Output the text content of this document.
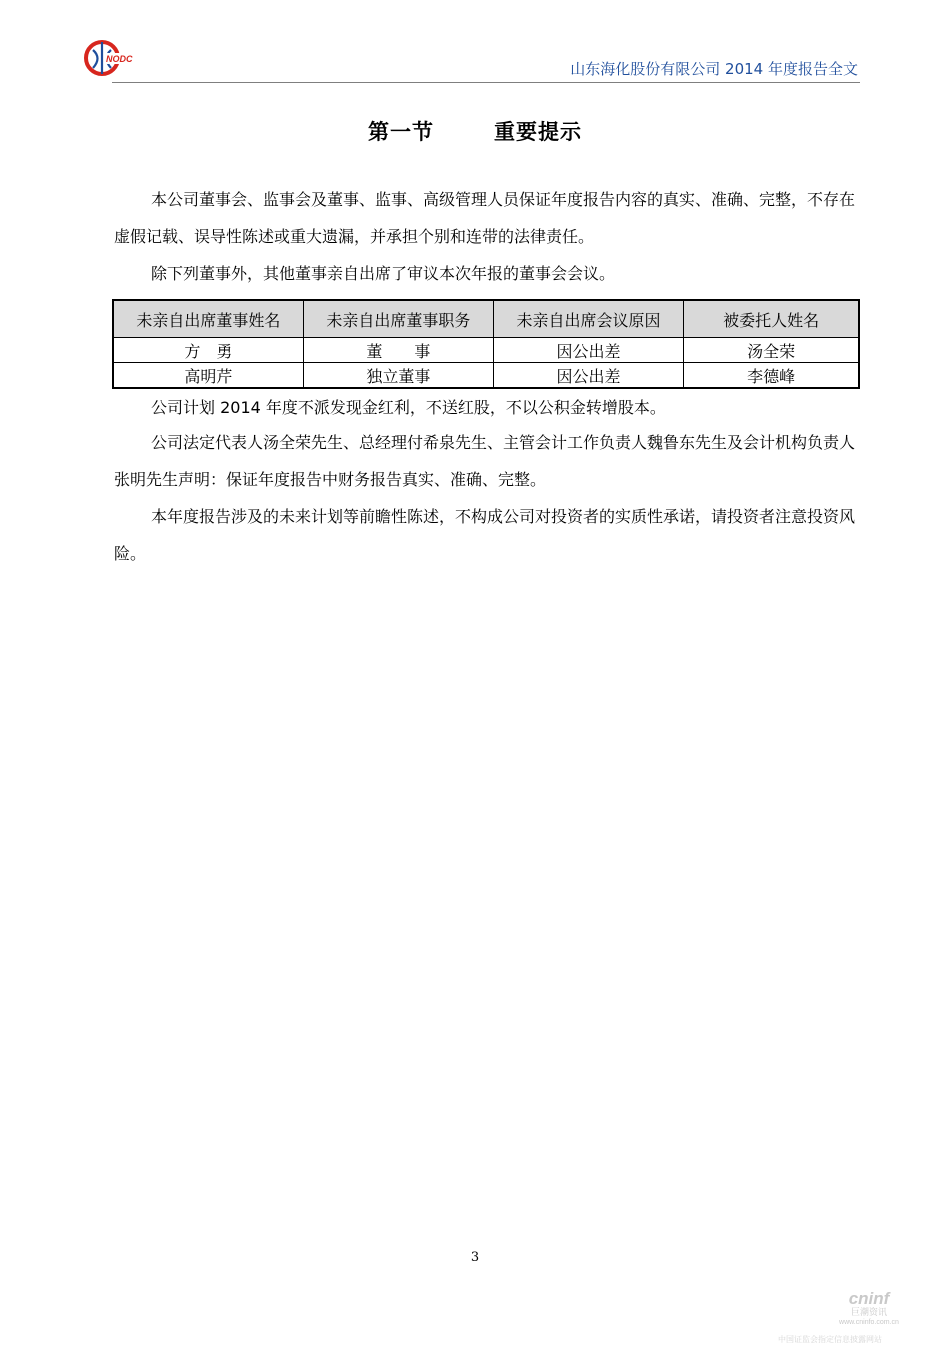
NODC
山东海化股份有限公司 2014 年度报告全文
第一节	重要提示

本公司董事会、监事会及董事、监事、高级管理人员保证年度报告内容的真实、准确、完整，不存在虚假记载、误导性陈述或重大遗漏，并承担个别和连带的法律责任。

除下列董事外，其他董事亲自出席了审议本次年报的董事会会议。

未亲自出席董事姓名	未亲自出席董事职务	未亲自出席会议原因	被委托人姓名
方　勇	董　　事	因公出差	汤全荣
高明芹	独立董事	因公出差	李德峰

公司计划 2014 年度不派发现金红利，不送红股，不以公积金转增股本。

公司法定代表人汤全荣先生、总经理付希泉先生、主管会计工作负责人魏鲁东先生及会计机构负责人张明先生声明：保证年度报告中财务报告真实、准确、完整。

本年度报告涉及的未来计划等前瞻性陈述，不构成公司对投资者的实质性承诺，请投资者注意投资风险。

3
cninf
巨潮资讯
www.cninfo.com.cn
中国证监会指定信息披露网站
